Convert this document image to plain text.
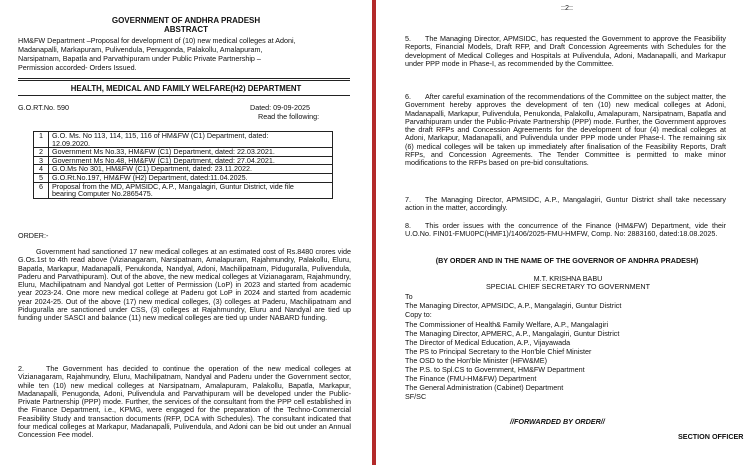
GOVERNMENT OF ANDHRA PRADESH
ABSTRACT
HM&FW Department –Proposal for development of (10) new medical colleges at Adoni,
Madanapalli, Markapuram, Pulivendula, Penugonda, Palakollu, Amalapuram,
Narsipatnam, Bapatla and Parvathipuram under Public Private Partnership –
Permission accorded- Orders Issued.
HEALTH, MEDICAL AND FAMILY WELFARE(H2) DEPARTMENT
G.O.RT.No. 590	Dated: 09-09-2025
Read the following:
1	G.O. Ms. No 113, 114, 115, 116 of HM&FW (C1) Department, dated:
12.09.2020.
2	Government Ms No.33, HM&FW (C1) Department, dated: 22.03.2021.
3	Government Ms No.48, HM&FW (C1) Department, dated: 27.04.2021.
4	G.O.Ms No 301, HM&FW (C1) Department, dated: 23.11.2022.
5	G.O.Rt.No.197, HM&FW (H2) Department, dated:11.04.2025.
6	Proposal from the MD, APMSIDC, A.P., Mangalagiri, Guntur District, vide file
bearing Computer No.2865475.
ORDER:-
Government had sanctioned 17 new medical colleges at an estimated cost of Rs.8480 crores vide G.Os.1st to 4th read above (Vizianagaram, Narsipatnam, Amalapuram, Rajahmundry, Palakollu, Eluru, Bapatla, Markapur, Madanapalli, Penukonda, Nandyal, Adoni, Machilipatnam, Piduguralla, Pulivendula, Paderu and Parvathipuram). Out of the above, the new medical colleges at Vizianagaram, Rajahmundry, Eluru, Machilipatnam and Nandyal got Letter of Permission (LoP) in 2023 and started from academic year 2023-24. One more new medical college at Paderu got LoP in 2024 and started from academic year 2024-25. Out of the above (17) new medical colleges, (3) colleges at Paderu, Machilipatnam and Piduguralla are sanctioned under CSS, (3) colleges at Rajahmundry, Eluru and Nandyal are tied up funding under SASCI and balance (11) new medical colleges are tied up under NABARD funding.
2.	The Government has decided to continue the operation of the new medical colleges at Vizianagaram, Rajahmundry, Eluru, Machilipatnam, Nandyal and Paderu under the Government sector, while ten (10) new medical colleges at Narsipatnam, Amalapuram, Palakollu, Bapatla, Markapur, Madanapalli, Penugonda, Adoni, Pulivendula and Parvathipuram will be developed under the Public-Private Partnership (PPP) mode. Further, the services of the consultant from the PPP cell established in the Finance Department, i.e., KPMG, were engaged for the preparation of the Techno-Commercial Feasibility Study and transaction documents (RFP, DCA with Schedules). The consultant indicated that four medical colleges at Markapur, Madanapalli, Pulivendula, and Adoni can be bid out under an Annual Concession Fee model.
::2::
5.	The Managing Director, APMSIDC, has requested the Government to approve the Feasibility Reports, Financial Models, Draft RFP, and Draft Concession Agreements with Schedules for the development of Medical Colleges and Hospitals at Pulivendula, Adoni, Madanapalli, and Markapur under PPP mode in Phase-I, as recommended by the Committee.
6.	After careful examination of the recommendations of the Committee on the subject matter, the Government hereby approves the development of ten (10) new medical colleges at Adoni, Madanapalli, Markapur, Pulivendula, Penukonda, Palakollu, Amalapuram, Narsipatnam, Bapatla and Parvathipuram under the Public-Private Partnership (PPP) mode. Further, the Government approves the draft RFPs and Concession Agreements for the development of four (4) medical colleges at Adoni, Markapur, Madanapalli, and Pulivendula under PPP mode under Phase-I. The remaining six (6) medical colleges will be taken up immediately after finalisation of the Feasibility Reports, Draft RFPs, and Concession Agreements. The Tender Committee is permitted to make minor modifications to the RFPs based on pre-bid consultations.
7.	The Managing Director, APMSIDC, A.P., Mangalagiri, Guntur District shall take necessary action in the matter, accordingly.
8.	This order issues with the concurrence of the Finance (HM&FW) Department, vide their U.O.No. FIN01-FMU0PC(HMF1)/1406/2025-FMU-HMFW, Comp. No: 2883160, dated:18.08.2025.
(BY ORDER AND IN THE NAME OF THE GOVERNOR OF ANDHRA PRADESH)
M.T. KRISHNA BABU
SPECIAL CHIEF SECRETARY TO GOVERNMENT
To
The Managing Director, APMSIDC, A.P., Mangalagiri, Guntur District
Copy to:
The Commissioner of Health& Family Welfare, A.P., Mangalagiri
The Managing Director, APMERC, A.P., Mangalagiri, Guntur District
The Director of Medical Education, A.P., Vijayawada
The PS to Principal Secretary to the Hon'ble Chief Minister
The OSD to the Hon'ble Minister (HFW&ME)
The P.S. to Spl.CS to Government, HM&FW Department
The Finance (FMU-HM&FW) Department
The General Administration (Cabinet) Department
SF/SC
//FORWARDED BY ORDER//
SECTION OFFICER
